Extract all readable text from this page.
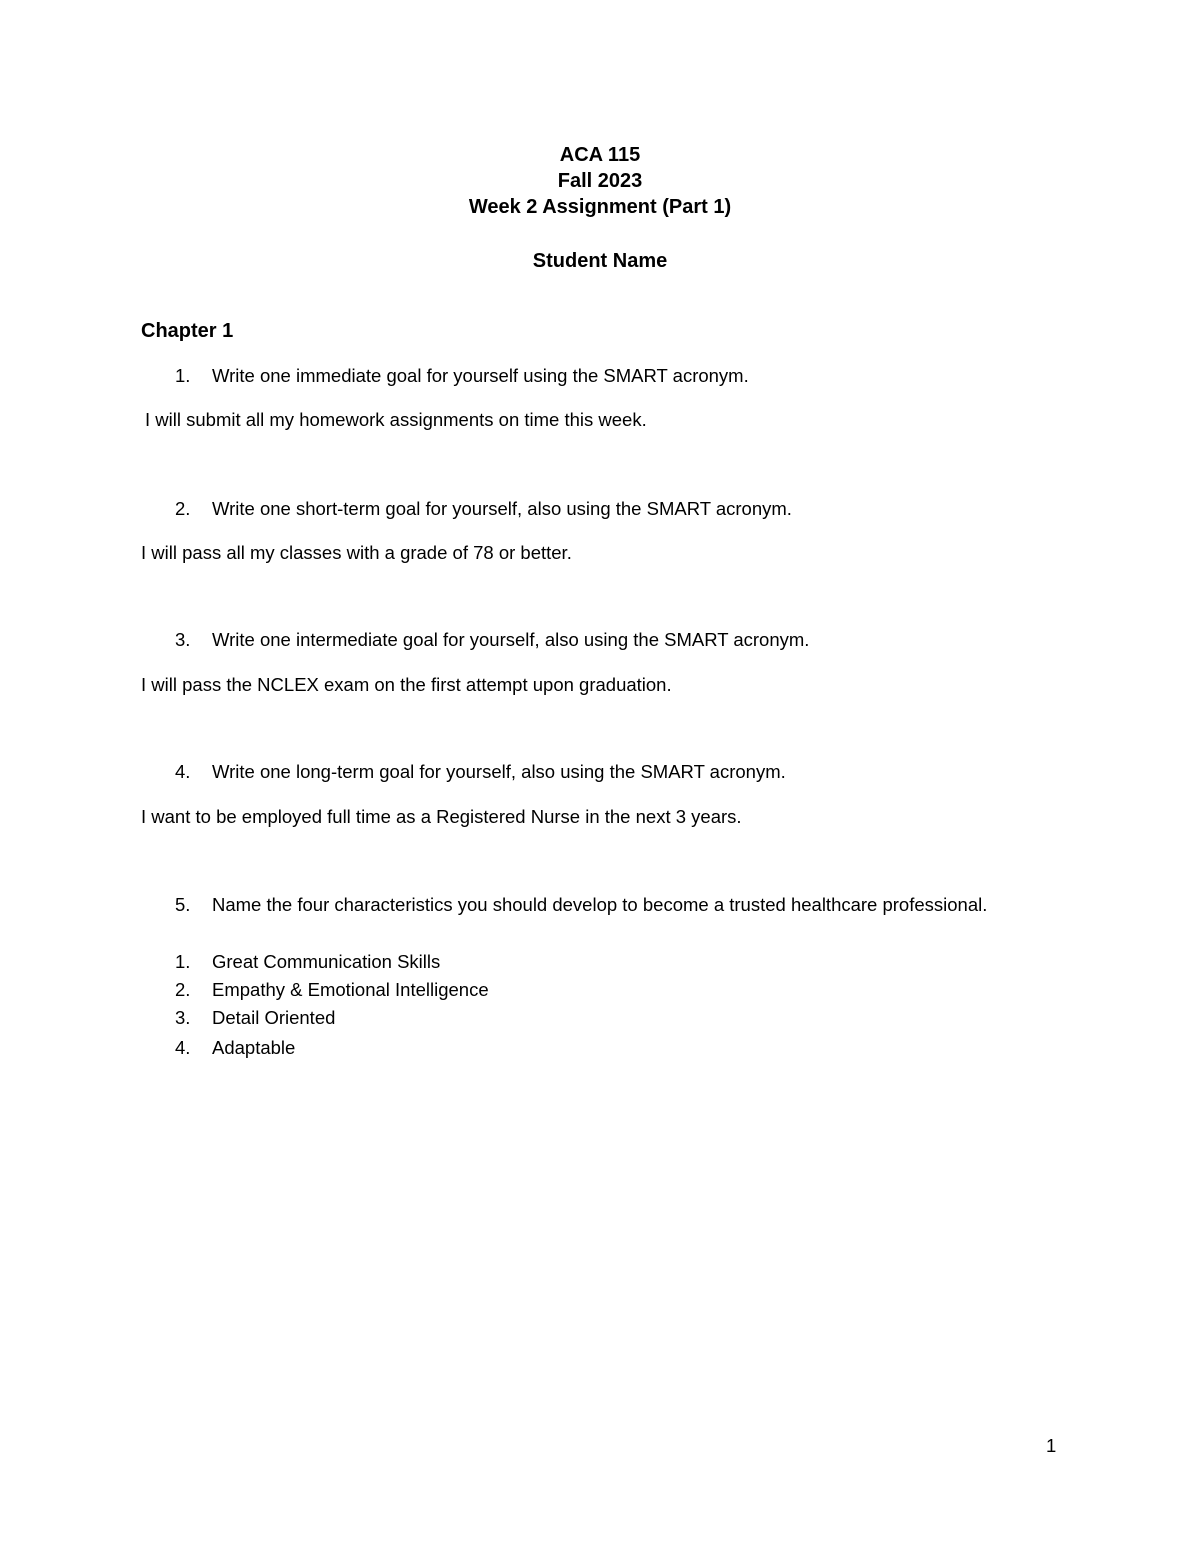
ACA 115
Fall 2023
Week 2 Assignment (Part 1)
Student Name
Chapter 1
1. Write one immediate goal for yourself using the SMART acronym.
I will submit all my homework assignments on time this week.
2. Write one short-term goal for yourself, also using the SMART acronym.
I will pass all my classes with a grade of 78 or better.
3. Write one intermediate goal for yourself, also using the SMART acronym.
I will pass the NCLEX exam on the first attempt upon graduation.
4. Write one long-term goal for yourself, also using the SMART acronym.
I want to be employed full time as a Registered Nurse in the next 3 years.
5. Name the four characteristics you should develop to become a trusted healthcare professional.
1. Great Communication Skills
2. Empathy & Emotional Intelligence
3. Detail Oriented
4. Adaptable
1
